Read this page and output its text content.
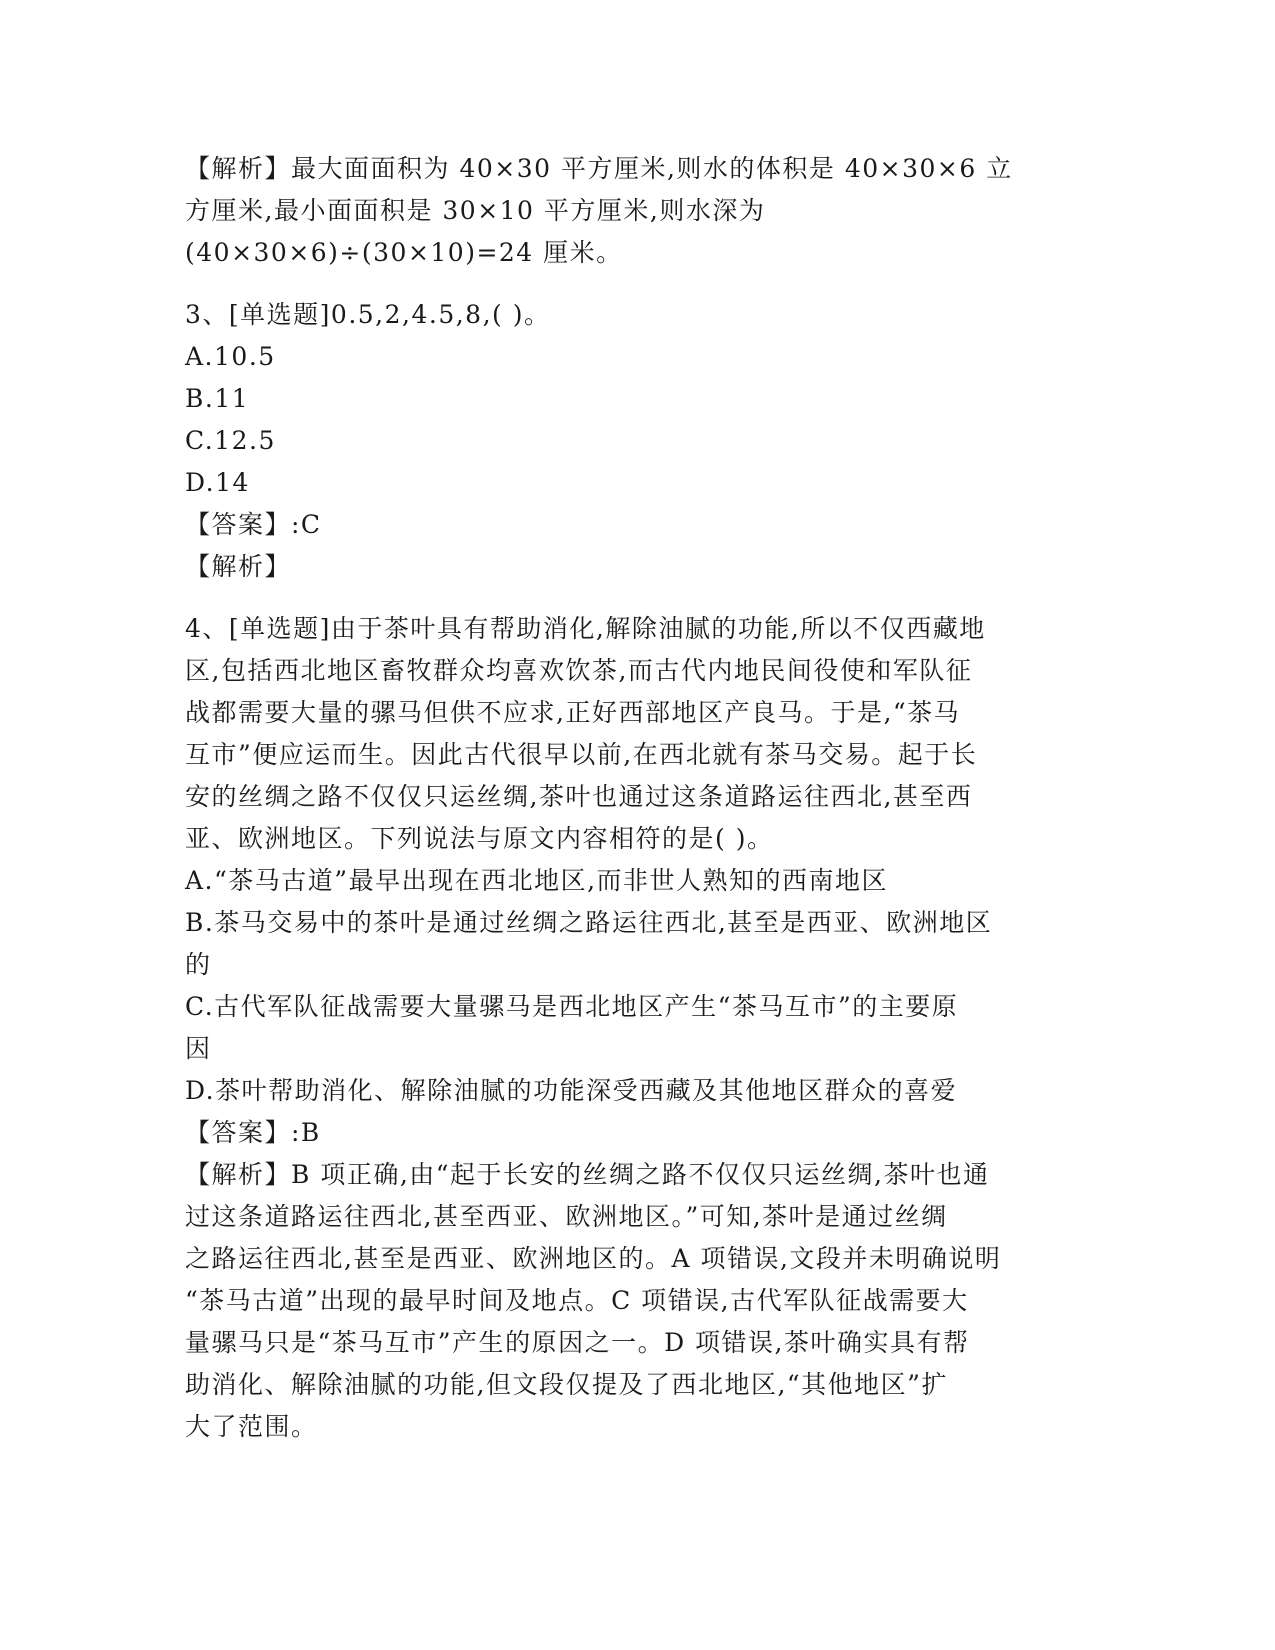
【解析】最大面面积为 40×30 平方厘米,则水的体积是 40×30×6 立
方厘米,最小面面积是 30×10 平方厘米,则水深为
(40×30×6)÷(30×10)=24 厘米。
3、[单选题]0.5,2,4.5,8,( )。
A.10.5
B.11
C.12.5
D.14
【答案】:C
【解析】
4、[单选题]由于茶叶具有帮助消化,解除油腻的功能,所以不仅西藏地
区,包括西北地区畜牧群众均喜欢饮茶,而古代内地民间役使和军队征
战都需要大量的骡马但供不应求,正好西部地区产良马。于是,“茶马
互市”便应运而生。因此古代很早以前,在西北就有茶马交易。起于长
安的丝绸之路不仅仅只运丝绸,茶叶也通过这条道路运往西北,甚至西
亚、欧洲地区。下列说法与原文内容相符的是( )。
A.“茶马古道”最早出现在西北地区,而非世人熟知的西南地区
B.茶马交易中的茶叶是通过丝绸之路运往西北,甚至是西亚、欧洲地区
的
C.古代军队征战需要大量骡马是西北地区产生“茶马互市”的主要原
因
D.茶叶帮助消化、解除油腻的功能深受西藏及其他地区群众的喜爱
【答案】:B
【解析】B 项正确,由“起于长安的丝绸之路不仅仅只运丝绸,茶叶也通
过这条道路运往西北,甚至西亚、欧洲地区。”可知,茶叶是通过丝绸
之路运往西北,甚至是西亚、欧洲地区的。A 项错误,文段并未明确说明
“茶马古道”出现的最早时间及地点。C 项错误,古代军队征战需要大
量骡马只是“茶马互市”产生的原因之一。D 项错误,茶叶确实具有帮
助消化、解除油腻的功能,但文段仅提及了西北地区,“其他地区”扩
大了范围。
